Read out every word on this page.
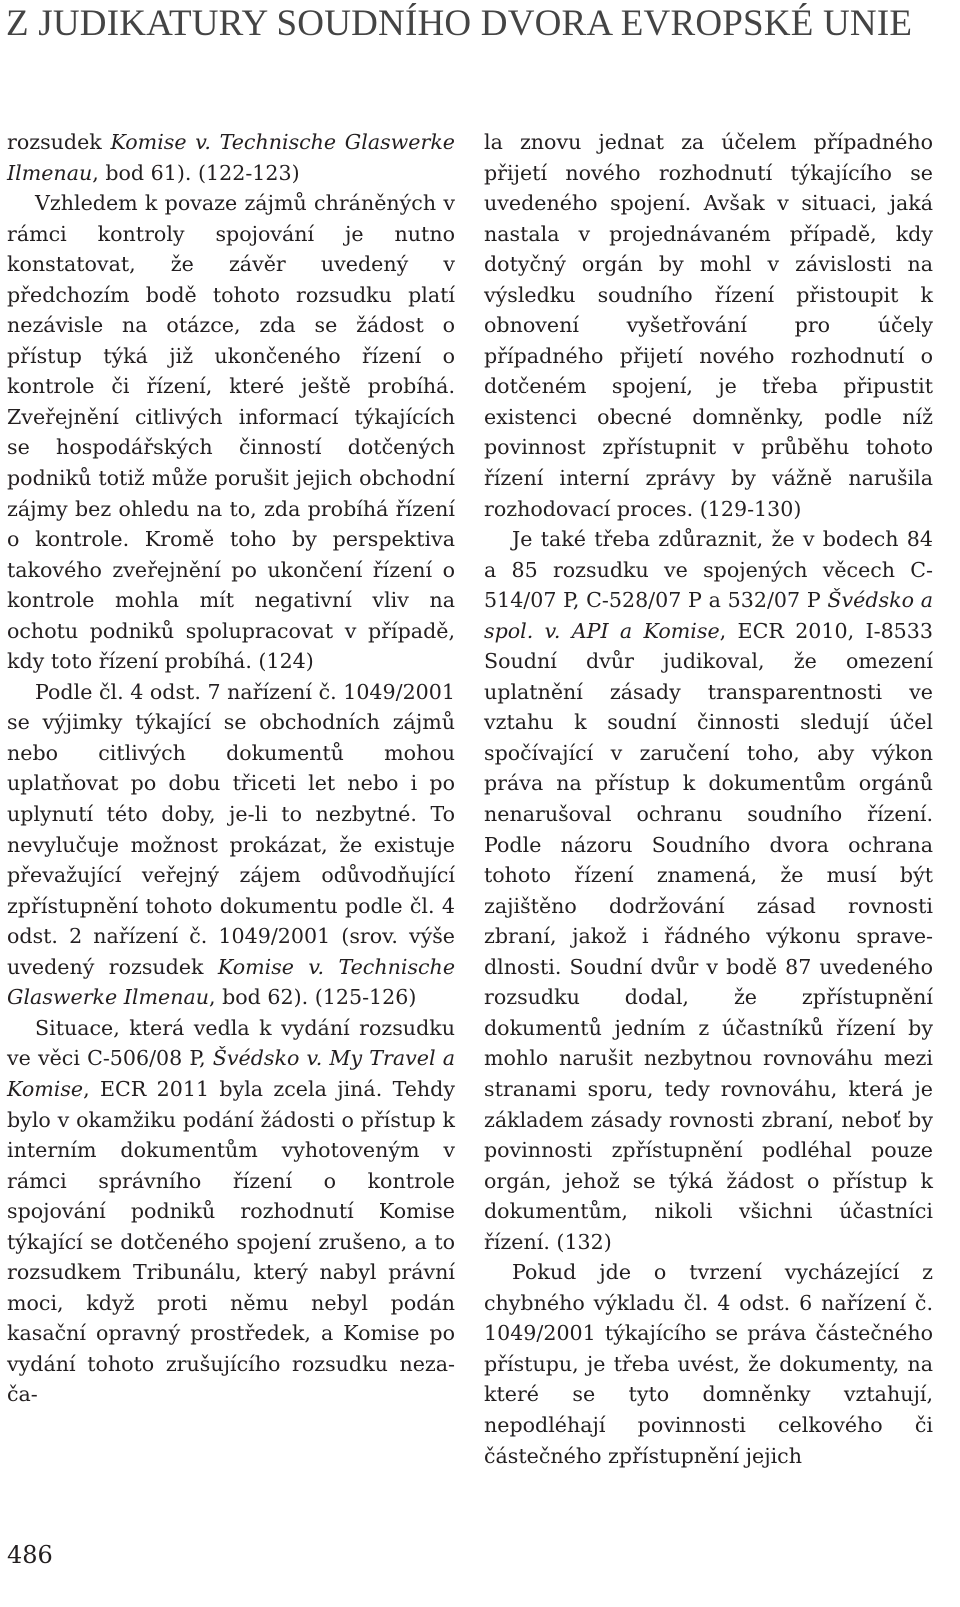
Z JUDIKATURY SOUDNÍHO DVORA EVROPSKÉ UNIE

rozsudek Komise v. Technische Glaswerke Ilmenau, bod 61). (122-123)

Vzhledem k povaze zájmů chráněných v rámci kontroly spojování je nutno konstatovat, že závěr uvedený v předchozím bodě tohoto rozsudku platí nezávisle na otázce, zda se žádost o přístup týká již ukončeného řízení o kontrole či řízení, které ještě probíhá. Zveřejnění citlivých informací týkajících se hospodářských činností dotčených podniků totiž může porušit jejich obchodní zájmy bez ohledu na to, zda probíhá řízení o kontrole. Kromě toho by perspektiva takového zveřejnění po ukončení řízení o kontrole mohla mít negativní vliv na ochotu podniků spolupracovat v případě, kdy toto řízení probíhá. (124)

Podle čl. 4 odst. 7 nařízení č. 1049/2001 se výjimky týkající se obchodních zájmů nebo citlivých dokumentů mohou uplatňovat po dobu třiceti let nebo i po uplynutí této doby, je-li to nezbytné. To nevylučuje možnost prokázat, že existuje převažující veřejný zájem odůvodňující zpřístupnění tohoto dokumentu podle čl. 4 odst. 2 nařízení č. 1049/2001 (srov. výše uvedený rozsudek Komise v. Technische Glaswerke Ilmenau, bod 62). (125-126)

Situace, která vedla k vydání rozsudku ve věci C-506/08 P, Švédsko v. My Travel a Komise, ECR 2011 byla zcela jiná. Tehdy bylo v okamžiku podání žádosti o přístup k interním dokumentům vyhotoveným v rámci správního řízení o kontrole spojování podniků rozhodnutí Komise týkající se dotčeného spojení zrušeno, a to rozsudkem Tribunálu, který nabyl právní moci, když proti němu nebyl podán kasační opravný prostředek, a Komise po vydání tohoto zrušujícího rozsudku nezača-

la znovu jednat za účelem případného přijetí nového rozhodnutí týkajícího se uvedeného spojení. Avšak v situaci, jaká nastala v projednávaném případě, kdy dotyčný orgán by mohl v závislosti na výsledku soudního řízení přistoupit k obnovení vyšetřování pro účely případného přijetí nového rozhodnutí o dotčeném spojení, je třeba připustit existenci obecné domněnky, podle níž povinnost zpřístupnit v průběhu tohoto řízení interní zprávy by vážně narušila rozhodovací proces. (129-130)

Je také třeba zdůraznit, že v bodech 84 a 85 rozsudku ve spojených věcech C-514/07 P, C-528/07 P a 532/07 P Švédsko a spol. v. API a Komise, ECR 2010, I-8533 Soudní dvůr judikoval, že omezení uplatnění zásady transparentnosti ve vztahu k soudní činnosti sledují účel spočívající v zaručení toho, aby výkon práva na přístup k dokumentům orgánů nenarušoval ochranu soudního řízení. Podle názoru Soudního dvora ochrana tohoto řízení znamená, že musí být zajištěno dodržování zásad rovnosti zbraní, jakož i řádného výkonu spravedlnosti. Soudní dvůr v bodě 87 uvedeného rozsudku dodal, že zpřístupnění dokumentů jedním z účastníků řízení by mohlo narušit nezbytnou rovnováhu mezi stranami sporu, tedy rovnováhu, která je základem zásady rovnosti zbraní, neboť by povinnosti zpřístupnění podléhal pouze orgán, jehož se týká žádost o přístup k dokumentům, nikoli všichni účastníci řízení. (132)

Pokud jde o tvrzení vycházející z chybného výkladu čl. 4 odst. 6 nařízení č. 1049/2001 týkajícího se práva částečného přístupu, je třeba uvést, že dokumenty, na které se tyto domněnky vztahují, nepodléhají povinnosti celkového či částečného zpřístupnění jejich

486
